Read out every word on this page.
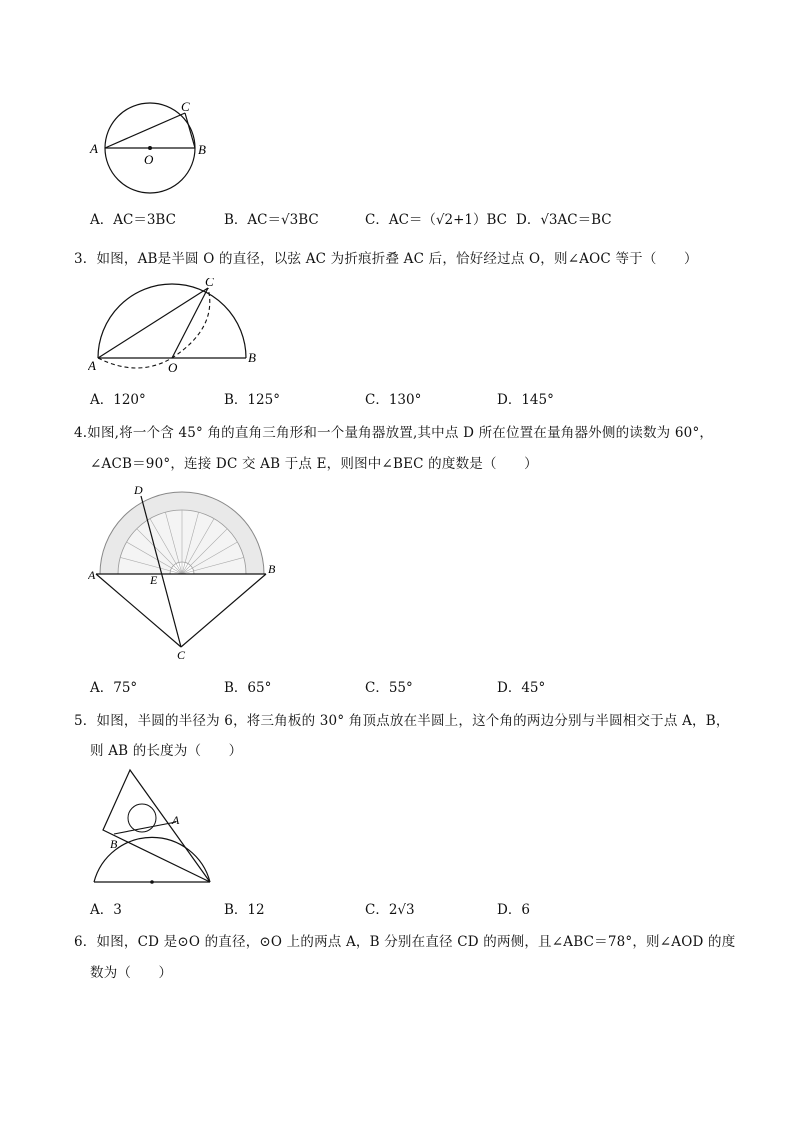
A	B
C
O
A．AC＝3BC	B．AC＝√3BC	C．AC＝（√2+1）BC D．√3AC＝BC
3．如图，AB是半圆 O 的直径，以弦 AC 为折痕折叠 AC 后，恰好经过点 O，则∠AOC 等于（　　）
A
B
C
O
A．120°	B．125°	C．130°	D．145°
4.如图,将一个含 45° 角的直角三角形和一个量角器放置,其中点 D 所在位置在量角器外侧的读数为 60°，
∠ACB＝90°，连接 DC 交 AB 于点 E，则图中∠BEC 的度数是（　　）
A	B
C
D
E
A．75°	B．65°	C．55°	D．45°
5．如图，半圆的半径为 6，将三角板的 30° 角顶点放在半圆上，这个角的两边分别与半圆相交于点 A，B，
则 AB 的长度为（　　）
A
B
A．3	B．12	C．2√3	D．6
6．如图，CD 是⊙O 的直径，⊙O 上的两点 A，B 分别在直径 CD 的两侧，且∠ABC＝78°，则∠AOD 的度
数为（　　）
